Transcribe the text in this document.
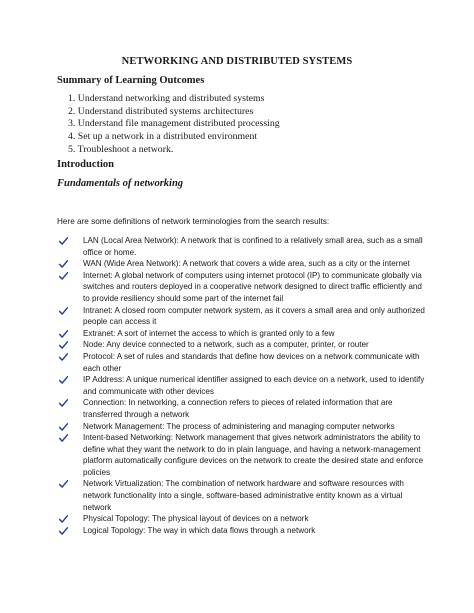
NETWORKING AND DISTRIBUTED SYSTEMS
Summary of Learning Outcomes
1. Understand networking and distributed systems
2. Understand distributed systems architectures
3. Understand file management distributed processing
4. Set up a network in a distributed environment
5. Troubleshoot a network.
Introduction
Fundamentals of networking
Here are some definitions of network terminologies from the search results:
LAN (Local Area Network): A network that is confined to a relatively small area, such as a small office or home.
WAN (Wide Area Network): A network that covers a wide area, such as a city or the internet
Internet: A global network of computers using internet protocol (IP) to communicate globally via switches and routers deployed in a cooperative network designed to direct traffic efficiently and to provide resiliency should some part of the internet fail
Intranet: A closed room computer network system, as it covers a small area and only authorized people can access it
Extranet: A sort of internet the access to which is granted only to a few
Node: Any device connected to a network, such as a computer, printer, or router
Protocol: A set of rules and standards that define how devices on a network communicate with each other
IP Address: A unique numerical identifier assigned to each device on a network, used to identify and communicate with other devices
Connection: In networking, a connection refers to pieces of related information that are transferred through a network
Network Management: The process of administering and managing computer networks
Intent-based Networking: Network management that gives network administrators the ability to define what they want the network to do in plain language, and having a network-management platform automatically configure devices on the network to create the desired state and enforce policies
Network Virtualization: The combination of network hardware and software resources with network functionality into a single, software-based administrative entity known as a virtual network
Physical Topology: The physical layout of devices on a network
Logical Topology: The way in which data flows through a network
